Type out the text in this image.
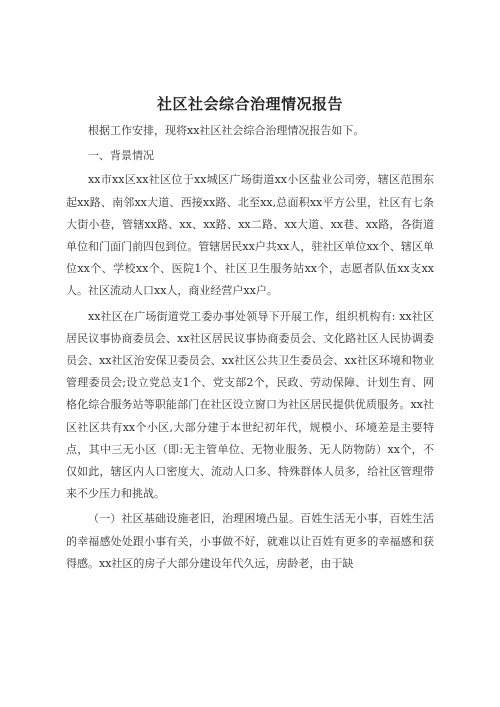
社区社会综合治理情况报告

根据工作安排，现将xx社区社会综合治理情况报告如下。

一、背景情况

xx市xx区xx社区位于xx城区广场街道xx小区盐业公司旁，辖区范围东起xx路、南邻xx大道、西接xx路、北至xx,总面积xx平方公里，社区有七条大街小巷，管辖xx路、xx、xx路、xx二路、xx大道、xx巷、xx路，各街道单位和门面门前四包到位。管辖居民xx户共xx人，驻社区单位xx个、辖区单位xx个、学校xx个、医院1个、社区卫生服务站xx个，志愿者队伍xx支xx人。社区流动人口xx人，商业经营户xx户。

xx社区在广场街道党工委办事处领导下开展工作，组织机构有: xx社区居民议事协商委员会、xx社区居民议事协商委员会、文化路社区人民协调委员会、xx社区治安保卫委员会、xx社区公共卫生委员会、xx社区环境和物业管理委员会;设立党总支1个、党支部2个，民政、劳动保障、计划生育、网格化综合服务站等职能部门在社区设立窗口为社区居民提供优质服务。xx社区社区共有xx个小区,大部分建于本世纪初年代，规模小、环境差是主要特点，其中三无小区（即:无主管单位、无物业服务、无人防物防）xx个，不仅如此，辖区内人口密度大、流动人口多、特殊群体人员多，给社区管理带来不少压力和挑战。

（一）社区基础设施老旧，治理困境凸显。百姓生活无小事，百姓生活的幸福感处处跟小事有关，小事做不好，就难以让百姓有更多的幸福感和获得感。xx社区的房子大部分建设年代久远，房龄老，由于缺
